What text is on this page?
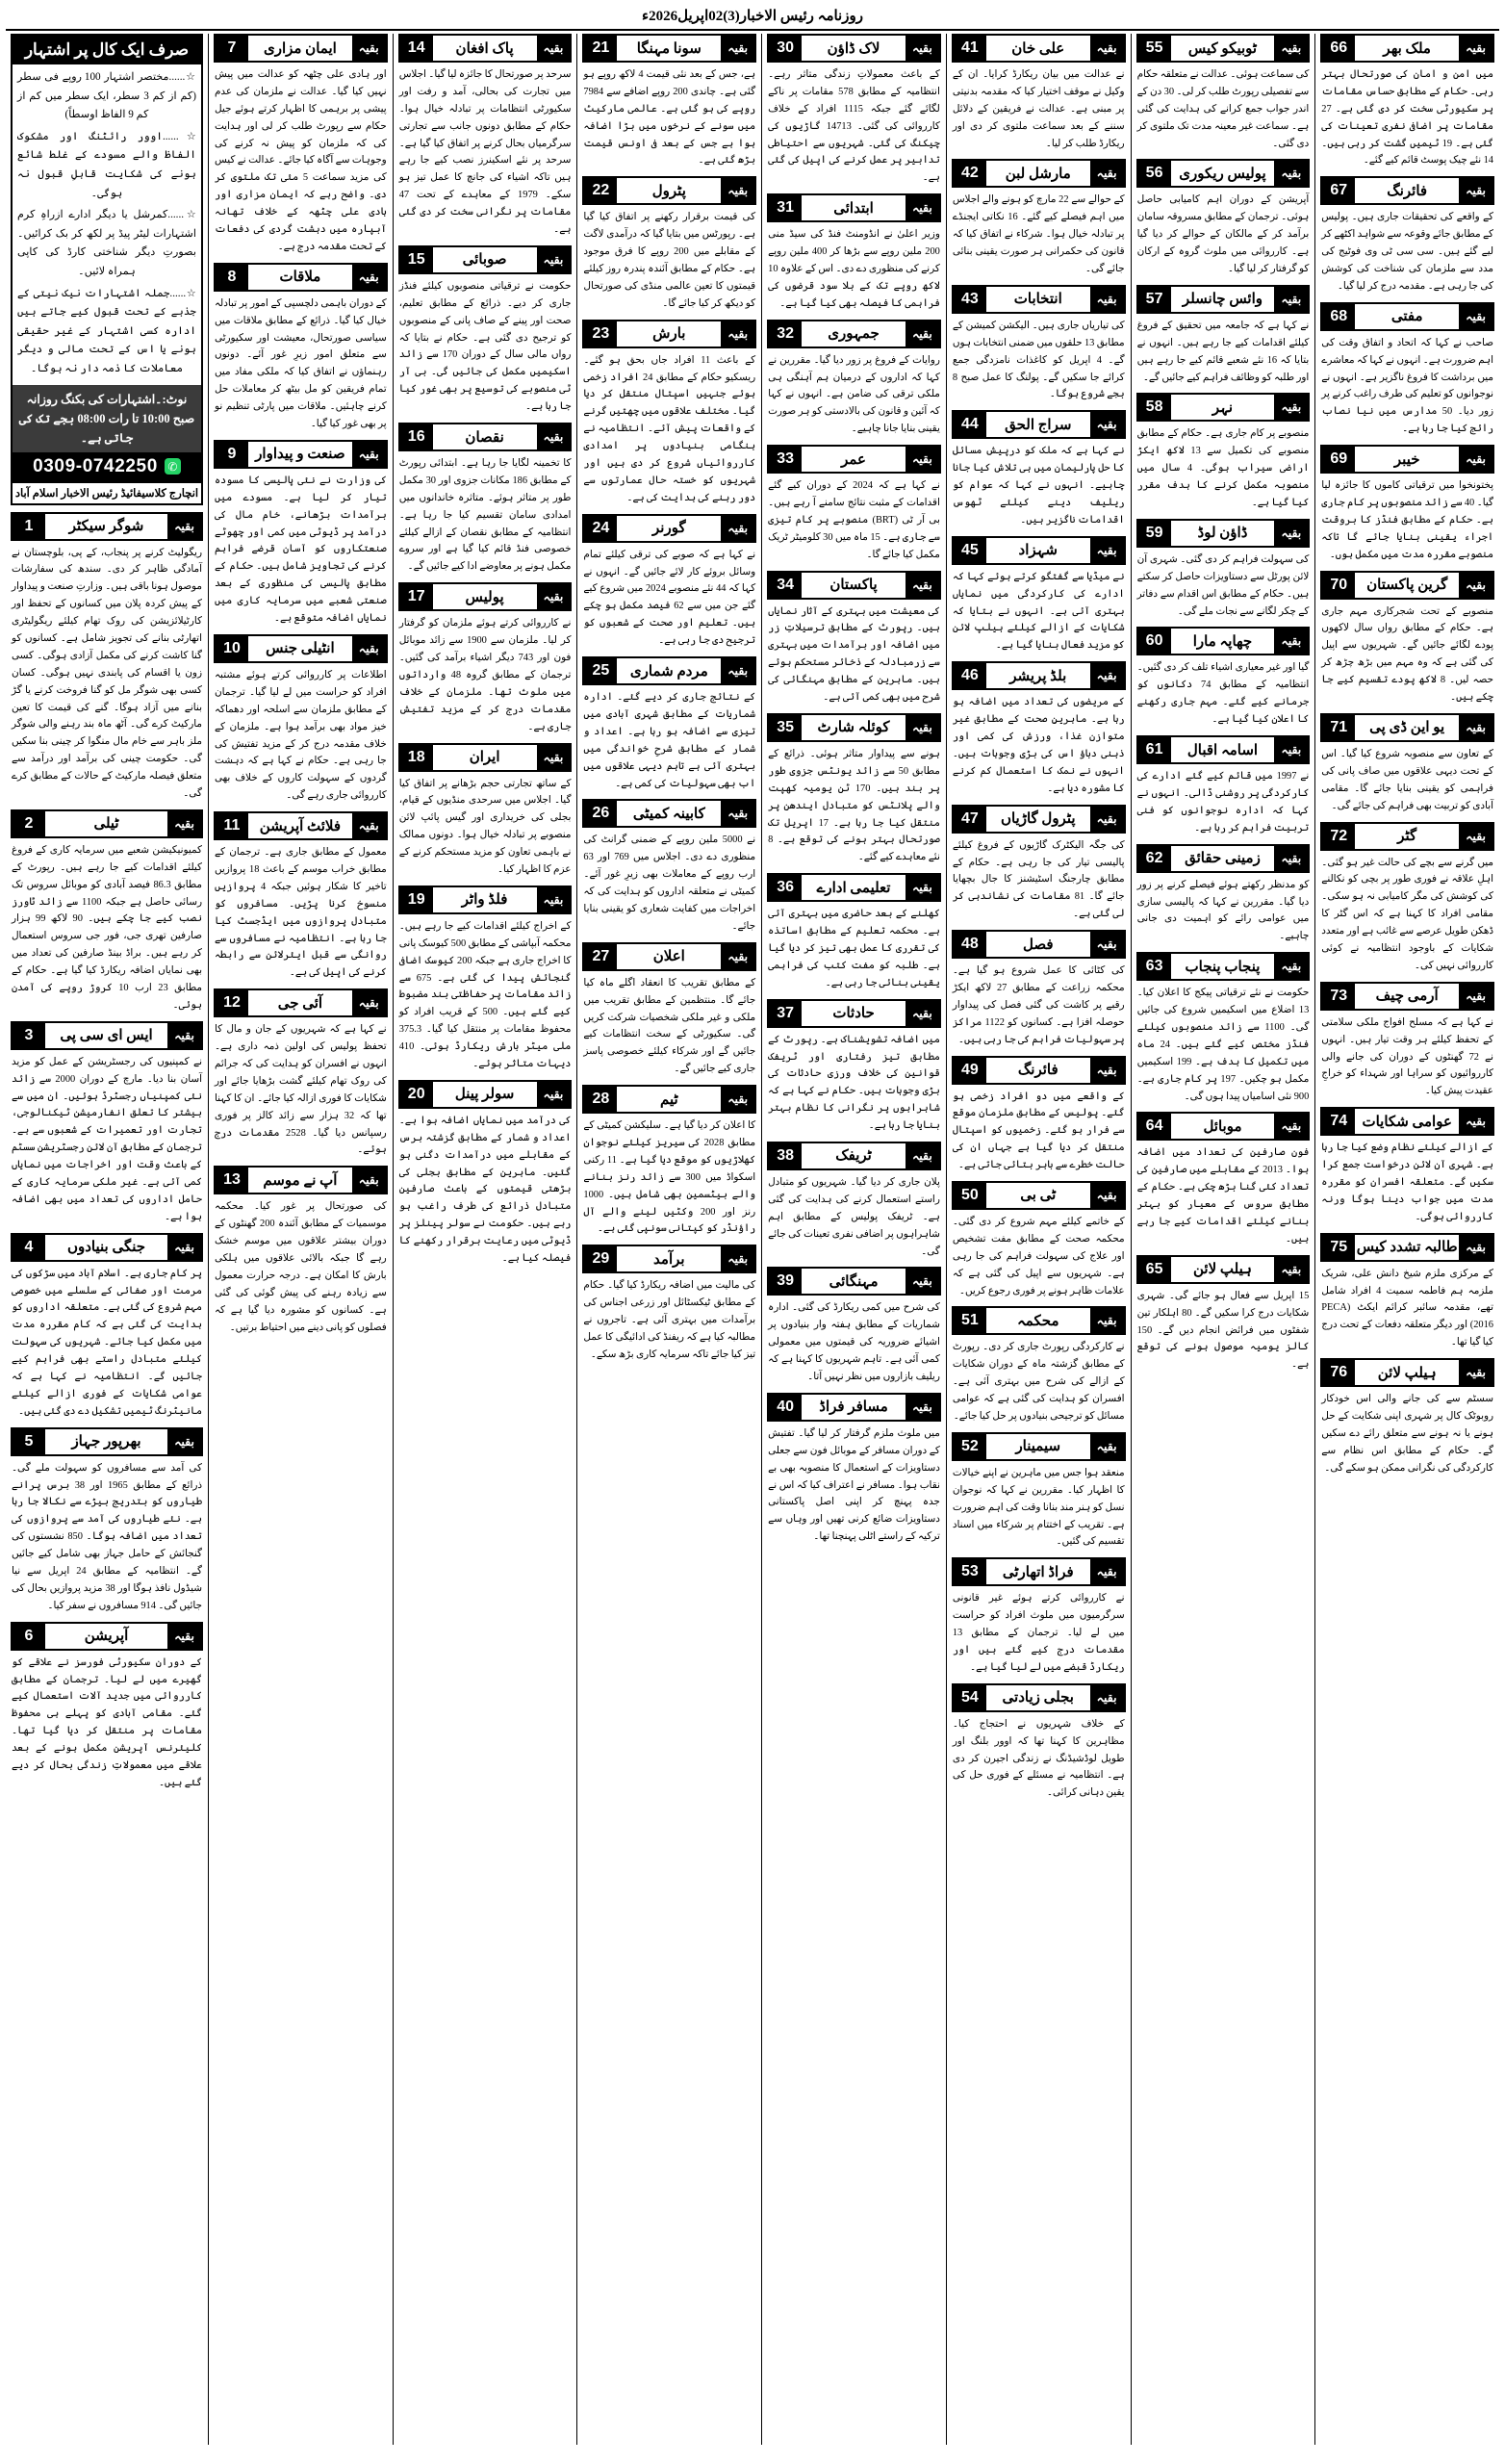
روزنامہ رئیس الاخبار(3)02اپریل2026ء
بقیہ
ملک بھر
66

میں امن و امان کی صورتحال بہتر رہی۔ حکام کے مطابق حساس مقامات پر سکیورٹی سخت کر دی گئی ہے۔ 27 مقامات پر اضافی نفری تعینات کی گئی ہے۔ 19 ٹیمیں گشت کر رہی ہیں۔ 14 نئے چیک پوسٹ قائم کیے گئے۔

بقیہ
فائرنگ
67

کے واقعے کی تحقیقات جاری ہیں۔ پولیس کے مطابق جائے وقوعہ سے شواہد اکٹھے کر لیے گئے ہیں۔ سی سی ٹی وی فوٹیج کی مدد سے ملزمان کی شناخت کی کوشش کی جا رہی ہے۔ مقدمہ درج کر لیا گیا۔

بقیہ
مفتی
68

صاحب نے کہا کہ اتحاد و اتفاق وقت کی اہم ضرورت ہے۔ انہوں نے کہا کہ معاشرے میں برداشت کا فروغ ناگزیر ہے۔ انہوں نے نوجوانوں کو تعلیم کی طرف راغب کرنے پر زور دیا۔ 50 مدارس میں نیا نصاب رائج کیا جا رہا ہے۔

بقیہ
خیبر
69

پختونخوا میں ترقیاتی کاموں کا جائزہ لیا گیا۔ 40 سے زائد منصوبوں پر کام جاری ہے۔ حکام کے مطابق فنڈز کا بروقت اجراء یقینی بنایا جائے گا تاکہ منصوبے مقررہ مدت میں مکمل ہوں۔

بقیہ
گرین پاکستان
70

منصوبے کے تحت شجرکاری مہم جاری ہے۔ حکام کے مطابق رواں سال لاکھوں پودے لگائے جائیں گے۔ شہریوں سے اپیل کی گئی ہے کہ وہ مہم میں بڑھ چڑھ کر حصہ لیں۔ 8 لاکھ پودے تقسیم کیے جا چکے ہیں۔

بقیہ
یو این ڈی پی
71

کے تعاون سے منصوبہ شروع کیا گیا۔ اس کے تحت دیہی علاقوں میں صاف پانی کی فراہمی کو یقینی بنایا جائے گا۔ مقامی آبادی کو تربیت بھی فراہم کی جائے گی۔

بقیہ
گٹر
72

میں گرنے سے بچے کی حالت غیر ہو گئی۔ اہلِ علاقہ نے فوری طور پر بچی کو نکالنے کی کوشش کی مگر کامیابی نہ ہو سکی۔ مقامی افراد کا کہنا ہے کہ اس گٹر کا ڈھکن طویل عرصے سے غائب ہے اور متعدد شکایات کے باوجود انتظامیہ نے کوئی کارروائی نہیں کی۔

بقیہ
آرمی چیف
73

نے کہا ہے کہ مسلح افواج ملکی سلامتی کے تحفظ کیلئے ہر وقت تیار ہیں۔ انہوں نے 72 گھنٹوں کے دوران کی جانے والی کارروائیوں کو سراہا اور شہداء کو خراجِ عقیدت پیش کیا۔

بقیہ
عوامی شکایات
74

کے ازالے کیلئے نظام وضع کیا جا رہا ہے۔ شہری آن لائن درخواست جمع کرا سکیں گے۔ متعلقہ افسران کو مقررہ مدت میں جواب دینا ہوگا ورنہ کارروائی ہوگی۔

بقیہ
طالبہ تشدد کیس
75

کے مرکزی ملزم شیخ دانش علی، شریک ملزمہ ہم فاطمہ سمیت 4 افراد شامل تھے، مقدمہ سائبر کرائم ایکٹ (PECA 2016) اور دیگر متعلقہ دفعات کے تحت درج کیا گیا تھا۔

بقیہ
ہیلپ لائن
76

سسٹم سے کی جانے والی اس خودکار روبوٹک کال پر شہری اپنی شکایت کے حل ہونے یا نہ ہونے سے متعلق رائے دے سکیں گے۔ حکام کے مطابق اس نظام سے کارکردگی کی نگرانی ممکن ہو سکے گی۔

بقیہ
ٹوبیکو کیس
55

کی سماعت ہوئی۔ عدالت نے متعلقہ حکام سے تفصیلی رپورٹ طلب کر لی۔ 30 دن کے اندر جواب جمع کرانے کی ہدایت کی گئی ہے۔ سماعت غیر معینہ مدت تک ملتوی کر دی گئی۔

بقیہ
پولیس ریکوری
56

آپریشن کے دوران اہم کامیابی حاصل ہوئی۔ ترجمان کے مطابق مسروقہ سامان برآمد کر کے مالکان کے حوالے کر دیا گیا ہے۔ کارروائی میں ملوث گروہ کے ارکان کو گرفتار کر لیا گیا۔

بقیہ
وائس چانسلر
57

نے کہا ہے کہ جامعہ میں تحقیق کے فروغ کیلئے اقدامات کیے جا رہے ہیں۔ انہوں نے بتایا کہ 16 نئے شعبے قائم کیے جا رہے ہیں اور طلبہ کو وظائف فراہم کیے جائیں گے۔

بقیہ
نہر
58

منصوبے پر کام جاری ہے۔ حکام کے مطابق منصوبے کی تکمیل سے 13 لاکھ ایکڑ اراضی سیراب ہوگی۔ 4 سال میں منصوبہ مکمل کرنے کا ہدف مقرر کیا گیا ہے۔

بقیہ
ڈاؤن لوڈ
59

کی سہولت فراہم کر دی گئی۔ شہری آن لائن پورٹل سے دستاویزات حاصل کر سکتے ہیں۔ حکام کے مطابق اس اقدام سے دفاتر کے چکر لگانے سے نجات ملے گی۔

بقیہ
چھاپہ مارا
60

گیا اور غیر معیاری اشیاء تلف کر دی گئیں۔ انتظامیہ کے مطابق 74 دکانوں کو جرمانے کیے گئے۔ مہم جاری رکھنے کا اعلان کیا گیا ہے۔

بقیہ
اسامہ اقبال
61

نے 1997 میں قائم کیے گئے ادارے کی کارکردگی پر روشنی ڈالی۔ انہوں نے کہا کہ ادارہ نوجوانوں کو فنی تربیت فراہم کر رہا ہے۔

بقیہ
زمینی حقائق
62

کو مدنظر رکھتے ہوئے فیصلے کرنے پر زور دیا گیا۔ مقررین نے کہا کہ پالیسی سازی میں عوامی رائے کو اہمیت دی جانی چاہیے۔

بقیہ
پنجاب پنجاب
63

حکومت نے نئے ترقیاتی پیکج کا اعلان کیا۔ 13 اضلاع میں اسکیمیں شروع کی جائیں گی۔ 1100 سے زائد منصوبوں کیلئے فنڈز مختص کیے گئے ہیں۔ 24 ماہ میں تکمیل کا ہدف ہے۔ 199 اسکیمیں مکمل ہو چکیں۔ 197 پر کام جاری ہے۔ 900 نئی اسامیاں پیدا ہوں گی۔

بقیہ
موبائل
64

فون صارفین کی تعداد میں اضافہ ہوا۔ 2013 کے مقابلے میں صارفین کی تعداد کئی گنا بڑھ چکی ہے۔ حکام کے مطابق سروس کے معیار کو بہتر بنانے کیلئے اقدامات کیے جا رہے ہیں۔

بقیہ
ہیلپ لائن
65

15 اپریل سے فعال ہو جائے گی۔ شہری شکایات درج کرا سکیں گے۔ 80 اہلکار تین شفٹوں میں فرائض انجام دیں گے۔ 150 کالز یومیہ موصول ہونے کی توقع ہے۔

بقیہ
علی خان
41

نے عدالت میں بیان ریکارڈ کرایا۔ ان کے وکیل نے موقف اختیار کیا کہ مقدمہ بدنیتی پر مبنی ہے۔ عدالت نے فریقین کے دلائل سننے کے بعد سماعت ملتوی کر دی اور ریکارڈ طلب کر لیا۔

بقیہ
مارشل لبن
42

کے حوالے سے 22 مارچ کو ہونے والے اجلاس میں اہم فیصلے کیے گئے۔ 16 نکاتی ایجنڈے پر تبادلہ خیال ہوا۔ شرکاء نے اتفاق کیا کہ قانون کی حکمرانی ہر صورت یقینی بنائی جائے گی۔

بقیہ
انتخابات
43

کی تیاریاں جاری ہیں۔ الیکشن کمیشن کے مطابق 13 حلقوں میں ضمنی انتخابات ہوں گے۔ 4 اپریل کو کاغذات نامزدگی جمع کرائے جا سکیں گے۔ پولنگ کا عمل صبح 8 بجے شروع ہوگا۔

بقیہ
سراج الحق
44

نے کہا ہے کہ ملک کو درپیش مسائل کا حل پارلیمان میں ہی تلاش کیا جانا چاہیے۔ انہوں نے کہا کہ عوام کو ریلیف دینے کیلئے ٹھوس اقدامات ناگزیر ہیں۔

بقیہ
شہزاد
45

نے میڈیا سے گفتگو کرتے ہوئے کہا کہ ادارے کی کارکردگی میں نمایاں بہتری آئی ہے۔ انہوں نے بتایا کہ شکایات کے ازالے کیلئے ہیلپ لائن کو مزید فعال بنایا گیا ہے۔

بقیہ
بلڈ پریشر
46

کے مریضوں کی تعداد میں اضافہ ہو رہا ہے۔ ماہرینِ صحت کے مطابق غیر متوازن غذا، ورزش کی کمی اور ذہنی دباؤ اس کی بڑی وجوہات ہیں۔ انہوں نے نمک کا استعمال کم کرنے کا مشورہ دیا ہے۔

بقیہ
پٹرول گاڑیاں
47

کی جگہ الیکٹرک گاڑیوں کے فروغ کیلئے پالیسی تیار کی جا رہی ہے۔ حکام کے مطابق چارجنگ اسٹیشنز کا جال بچھایا جائے گا۔ 81 مقامات کی نشاندہی کر لی گئی ہے۔

بقیہ
فصل
48

کی کٹائی کا عمل شروع ہو گیا ہے۔ محکمہ زراعت کے مطابق 27 لاکھ ایکڑ رقبے پر کاشت کی گئی فصل کی پیداوار حوصلہ افزا ہے۔ کسانوں کو 1122 مراکز پر سہولیات فراہم کی جا رہی ہیں۔

بقیہ
فائرنگ
49

کے واقعے میں دو افراد زخمی ہو گئے۔ پولیس کے مطابق ملزمان موقع سے فرار ہو گئے۔ زخمیوں کو اسپتال منتقل کر دیا گیا ہے جہاں ان کی حالت خطرے سے باہر بتائی جاتی ہے۔

بقیہ
ٹی بی
50

کے خاتمے کیلئے مہم شروع کر دی گئی۔ محکمہ صحت کے مطابق مفت تشخیص اور علاج کی سہولت فراہم کی جا رہی ہے۔ شہریوں سے اپیل کی گئی ہے کہ علامات ظاہر ہونے پر فوری رجوع کریں۔

بقیہ
محکمہ
51

نے کارکردگی رپورٹ جاری کر دی۔ رپورٹ کے مطابق گزشتہ ماہ کے دوران شکایات کے ازالے کی شرح میں بہتری آئی ہے۔ افسران کو ہدایت کی گئی ہے کہ عوامی مسائل کو ترجیحی بنیادوں پر حل کیا جائے۔

بقیہ
سیمینار
52

منعقد ہوا جس میں ماہرین نے اپنے خیالات کا اظہار کیا۔ مقررین نے کہا کہ نوجوان نسل کو ہنر مند بنانا وقت کی اہم ضرورت ہے۔ تقریب کے اختتام پر شرکاء میں اسناد تقسیم کی گئیں۔

بقیہ
فراڈ اتھارٹی
53

نے کارروائی کرتے ہوئے غیر قانونی سرگرمیوں میں ملوث افراد کو حراست میں لے لیا۔ ترجمان کے مطابق 13 مقدمات درج کیے گئے ہیں اور ریکارڈ قبضے میں لے لیا گیا ہے۔

بقیہ
بجلی زیادتی
54

کے خلاف شہریوں نے احتجاج کیا۔ مظاہرین کا کہنا تھا کہ اوور بلنگ اور طویل لوڈشیڈنگ نے زندگی اجیرن کر دی ہے۔ انتظامیہ نے مسئلے کے فوری حل کی یقین دہانی کرائی۔

بقیہ
لاک ڈاؤن
30

کے باعث معمولاتِ زندگی متاثر رہے۔ انتظامیہ کے مطابق 578 مقامات پر ناکے لگائے گئے جبکہ 1115 افراد کے خلاف کارروائی کی گئی۔ 14713 گاڑیوں کی چیکنگ کی گئی۔ شہریوں سے احتیاطی تدابیر پر عمل کرنے کی اپیل کی گئی ہے۔

بقیہ
ابتدائی
31

وزیر اعلیٰ نے انڈومنٹ فنڈ کی سیڈ منی 200 ملین روپے سے بڑھا کر 400 ملین روپے کرنے کی منظوری دے دی۔ اس کے علاوہ 10 لاکھ روپے تک کے بلا سود قرضوں کی فراہمی کا فیصلہ بھی کیا گیا ہے۔

بقیہ
جمہوری
32

روایات کے فروغ پر زور دیا گیا۔ مقررین نے کہا کہ اداروں کے درمیان ہم آہنگی ہی ملکی ترقی کی ضامن ہے۔ انہوں نے کہا کہ آئین و قانون کی بالادستی کو ہر صورت یقینی بنایا جانا چاہیے۔

بقیہ
عمر
33

نے کہا ہے کہ 2024 کے دوران کیے گئے اقدامات کے مثبت نتائج سامنے آ رہے ہیں۔ بی آر ٹی (BRT) منصوبے پر کام تیزی سے جاری ہے۔ 15 ماہ میں 30 کلومیٹر ٹریک مکمل کیا جائے گا۔

بقیہ
پاکستان
34

کی معیشت میں بہتری کے آثار نمایاں ہیں۔ رپورٹ کے مطابق ترسیلاتِ زر میں اضافہ اور برآمدات میں بہتری سے زرمبادلہ کے ذخائر مستحکم ہوئے ہیں۔ ماہرین کے مطابق مہنگائی کی شرح میں بھی کمی آئی ہے۔

بقیہ
کوئلہ شارٹ
35

ہونے سے پیداوار متاثر ہوئی۔ ذرائع کے مطابق 50 سے زائد یونٹس جزوی طور پر بند ہیں۔ 170 ٹن یومیہ کھپت والے پلانٹس کو متبادل ایندھن پر منتقل کیا جا رہا ہے۔ 17 اپریل تک صورتحال بہتر ہونے کی توقع ہے۔ 8 نئے معاہدے کیے گئے۔

بقیہ
تعلیمی ادارے
36

کھلنے کے بعد حاضری میں بہتری آئی ہے۔ محکمہ تعلیم کے مطابق اساتذہ کی تقرری کا عمل بھی تیز کر دیا گیا ہے۔ طلبہ کو مفت کتب کی فراہمی یقینی بنائی جا رہی ہے۔

بقیہ
حادثات
37

میں اضافہ تشویشناک ہے۔ رپورٹ کے مطابق تیز رفتاری اور ٹریفک قوانین کی خلاف ورزی حادثات کی بڑی وجوہات ہیں۔ حکام نے کہا ہے کہ شاہراہوں پر نگرانی کا نظام بہتر بنایا جا رہا ہے۔

بقیہ
ٹریفک
38

پلان جاری کر دیا گیا۔ شہریوں کو متبادل راستے استعمال کرنے کی ہدایت کی گئی ہے۔ ٹریفک پولیس کے مطابق اہم شاہراہوں پر اضافی نفری تعینات کی جائے گی۔

بقیہ
مہنگائی
39

کی شرح میں کمی ریکارڈ کی گئی۔ ادارہ شماریات کے مطابق ہفتہ وار بنیادوں پر اشیائے ضروریہ کی قیمتوں میں معمولی کمی آئی ہے۔ تاہم شہریوں کا کہنا ہے کہ ریلیف بازاروں میں نظر نہیں آتا۔

بقیہ
مسافر فراڈ
40

میں ملوث ملزم گرفتار کر لیا گیا۔ تفتیش کے دوران مسافر کے موبائل فون سے جعلی دستاویزات کے استعمال کا منصوبہ بھی بے نقاب ہوا۔ مسافر نے اعتراف کیا کہ اس نے جدہ پہنچ کر اپنی اصل پاکستانی دستاویزات ضائع کرنی تھیں اور وہاں سے ترکیہ کے راستے اٹلی پہنچنا تھا۔

بقیہ
سونا مہنگا
21

ہے، جس کے بعد نئی قیمت 4 لاکھ روپے ہو گئی ہے۔ چاندی 200 روپے اضافے سے 7984 روپے کی ہو گئی ہے۔ عالمی مارکیٹ میں سونے کے نرخوں میں بڑا اضافہ ہوا ہے جس کے بعد فی اونس قیمت بڑھ گئی ہے۔

بقیہ
پٹرول
22

کی قیمت برقرار رکھنے پر اتفاق کیا گیا ہے۔ رپورٹس میں بتایا گیا کہ درآمدی لاگت کے مقابلے میں 200 روپے کا فرق موجود ہے۔ حکام کے مطابق آئندہ پندرہ روز کیلئے قیمتوں کا تعین عالمی منڈی کی صورتحال کو دیکھ کر کیا جائے گا۔

بقیہ
بارش
23

کے باعث 11 افراد جاں بحق ہو گئے۔ ریسکیو حکام کے مطابق 24 افراد زخمی ہوئے جنہیں اسپتال منتقل کر دیا گیا۔ مختلف علاقوں میں چھتیں گرنے کے واقعات پیش آئے۔ انتظامیہ نے ہنگامی بنیادوں پر امدادی کارروائیاں شروع کر دی ہیں اور شہریوں کو خستہ حال عمارتوں سے دور رہنے کی ہدایت کی ہے۔

بقیہ
گورنر
24

نے کہا ہے کہ صوبے کی ترقی کیلئے تمام وسائل بروئے کار لائے جائیں گے۔ انہوں نے کہا کہ 44 نئے منصوبے 2024 میں شروع کیے گئے جن میں سے 62 فیصد مکمل ہو چکے ہیں۔ تعلیم اور صحت کے شعبوں کو ترجیح دی جا رہی ہے۔

بقیہ
مردم شماری
25

کے نتائج جاری کر دیے گئے۔ ادارہ شماریات کے مطابق شہری آبادی میں تیزی سے اضافہ ہو رہا ہے۔ اعداد و شمار کے مطابق شرحِ خواندگی میں بہتری آئی ہے تاہم دیہی علاقوں میں اب بھی سہولیات کی کمی ہے۔

بقیہ
کابینہ کمیٹی
26

نے 5000 ملین روپے کے ضمنی گرانٹ کی منظوری دے دی۔ اجلاس میں 769 اور 63 ارب روپے کے معاملات بھی زیرِ غور آئے۔ کمیٹی نے متعلقہ اداروں کو ہدایت کی کہ اخراجات میں کفایت شعاری کو یقینی بنایا جائے۔

بقیہ
اعلان
27

کے مطابق تقریب کا انعقاد اگلے ماہ کیا جائے گا۔ منتظمین کے مطابق تقریب میں ملکی و غیر ملکی شخصیات شرکت کریں گی۔ سکیورٹی کے سخت انتظامات کیے جائیں گے اور شرکاء کیلئے خصوصی پاسز جاری کیے جائیں گے۔

بقیہ
ٹیم
28

کا اعلان کر دیا گیا ہے۔ سلیکشن کمیٹی کے مطابق 2028 کی سیریز کیلئے نوجوان کھلاڑیوں کو موقع دیا گیا ہے۔ 11 رکنی اسکواڈ میں 300 سے زائد رنز بنانے والے بیٹسمین بھی شامل ہیں۔ 1000 رنز اور 200 وکٹیں لینے والے آل راؤنڈر کو کپتانی سونپی گئی ہے۔

بقیہ
برآمد
29

کی مالیت میں اضافہ ریکارڈ کیا گیا۔ حکام کے مطابق ٹیکسٹائل اور زرعی اجناس کی برآمدات میں بہتری آئی ہے۔ تاجروں نے مطالبہ کیا ہے کہ ریفنڈ کی ادائیگی کا عمل تیز کیا جائے تاکہ سرمایہ کاری بڑھ سکے۔

بقیہ
پاک افغان
14

سرحد پر صورتحال کا جائزہ لیا گیا۔ اجلاس میں تجارت کی بحالی، آمد و رفت اور سکیورٹی انتظامات پر تبادلہ خیال ہوا۔ حکام کے مطابق دونوں جانب سے تجارتی سرگرمیاں بحال کرنے پر اتفاق کیا گیا ہے۔ سرحد پر نئے اسکینرز نصب کیے جا رہے ہیں تاکہ اشیاء کی جانچ کا عمل تیز ہو سکے۔ 1979 کے معاہدے کے تحت 47 مقامات پر نگرانی سخت کر دی گئی ہے۔

بقیہ
صوبائی
15

حکومت نے ترقیاتی منصوبوں کیلئے فنڈز جاری کر دیے۔ ذرائع کے مطابق تعلیم، صحت اور پینے کے صاف پانی کے منصوبوں کو ترجیح دی گئی ہے۔ حکام نے بتایا کہ رواں مالی سال کے دوران 170 سے زائد اسکیمیں مکمل کی جائیں گی۔ بی آر ٹی منصوبے کی توسیع پر بھی غور کیا جا رہا ہے۔

بقیہ
نقصان
16

کا تخمینہ لگایا جا رہا ہے۔ ابتدائی رپورٹ کے مطابق 186 مکانات جزوی اور 30 مکمل طور پر متاثر ہوئے۔ متاثرہ خاندانوں میں امدادی سامان تقسیم کیا جا رہا ہے۔ انتظامیہ کے مطابق نقصان کے ازالے کیلئے خصوصی فنڈ قائم کیا گیا ہے اور سروے مکمل ہونے پر معاوضے ادا کیے جائیں گے۔

بقیہ
پولیس
17

نے کارروائی کرتے ہوئے ملزمان کو گرفتار کر لیا۔ ملزمان سے 1900 سے زائد موبائل فون اور 743 دیگر اشیاء برآمد کی گئیں۔ ترجمان کے مطابق گروہ 48 وارداتوں میں ملوث تھا۔ ملزمان کے خلاف مقدمات درج کر کے مزید تفتیش جاری ہے۔

بقیہ
ایران
18

کے ساتھ تجارتی حجم بڑھانے پر اتفاق کیا گیا۔ اجلاس میں سرحدی منڈیوں کے قیام، بجلی کی خریداری اور گیس پائپ لائن منصوبے پر تبادلہ خیال ہوا۔ دونوں ممالک نے باہمی تعاون کو مزید مستحکم کرنے کے عزم کا اظہار کیا۔

بقیہ
فلڈ واٹر
19

کے اخراج کیلئے اقدامات کیے جا رہے ہیں۔ محکمہ آبپاشی کے مطابق 500 کیوسک پانی کا اخراج جاری ہے جبکہ 200 کیوسک اضافی گنجائش پیدا کی گئی ہے۔ 675 سے زائد مقامات پر حفاظتی بند مضبوط کیے گئے ہیں۔ 500 کے قریب افراد کو محفوظ مقامات پر منتقل کیا گیا۔ 375.3 ملی میٹر بارش ریکارڈ ہوئی۔ 410 دیہات متاثر ہوئے۔

بقیہ
سولر پینل
20

کی درآمد میں نمایاں اضافہ ہوا ہے۔ اعداد و شمار کے مطابق گزشتہ برس کے مقابلے میں درآمدات دگنی ہو گئیں۔ ماہرین کے مطابق بجلی کی بڑھتی قیمتوں کے باعث صارفین متبادل ذرائع کی طرف راغب ہو رہے ہیں۔ حکومت نے سولر پینلز پر ڈیوٹی میں رعایت برقرار رکھنے کا فیصلہ کیا ہے۔

بقیہ
ایمان مزاری
7

اور ہادی علی چٹھہ کو عدالت میں پیش نہیں کیا گیا۔ عدالت نے ملزمان کی عدم پیشی پر برہمی کا اظہار کرتے ہوئے جیل حکام سے رپورٹ طلب کر لی اور ہدایت کی کہ ملزمان کو پیش نہ کرنے کی وجوہات سے آگاہ کیا جائے۔ عدالت نے کیس کی مزید سماعت 5 مئی تک ملتوی کر دی۔ واضح رہے کہ ایمان مزاری اور ہادی علی چٹھہ کے خلاف تھانہ آبپارہ میں دہشت گردی کی دفعات کے تحت مقدمہ درج ہے۔

بقیہ
ملاقات
8

کے دوران باہمی دلچسپی کے امور پر تبادلہ خیال کیا گیا۔ ذرائع کے مطابق ملاقات میں سیاسی صورتحال، معیشت اور سکیورٹی سے متعلق امور زیرِ غور آئے۔ دونوں رہنماؤں نے اتفاق کیا کہ ملکی مفاد میں تمام فریقین کو مل بیٹھ کر معاملات حل کرنے چاہئیں۔ ملاقات میں پارٹی تنظیم نو پر بھی غور کیا گیا۔

بقیہ
صنعت و پیداوار
9

کی وزارت نے نئی پالیسی کا مسودہ تیار کر لیا ہے۔ مسودے میں برآمدات بڑھانے، خام مال کی درآمد پر ڈیوٹی میں کمی اور چھوٹے صنعتکاروں کو آسان قرضے فراہم کرنے کی تجاویز شامل ہیں۔ حکام کے مطابق پالیسی کی منظوری کے بعد صنعتی شعبے میں سرمایہ کاری میں نمایاں اضافہ متوقع ہے۔

بقیہ
انٹیلی جنس
10

اطلاعات پر کارروائی کرتے ہوئے مشتبہ افراد کو حراست میں لے لیا گیا۔ ترجمان کے مطابق ملزمان سے اسلحہ اور دھماکہ خیز مواد بھی برآمد ہوا ہے۔ ملزمان کے خلاف مقدمہ درج کر کے مزید تفتیش کی جا رہی ہے۔ حکام نے کہا ہے کہ دہشت گردوں کے سہولت کاروں کے خلاف بھی کارروائی جاری رہے گی۔

بقیہ
فلائٹ آپریشن
11

معمول کے مطابق جاری ہے۔ ترجمان کے مطابق خراب موسم کے باعث 18 پروازیں تاخیر کا شکار ہوئیں جبکہ 4 پروازیں منسوخ کرنا پڑیں۔ مسافروں کو متبادل پروازوں میں ایڈجسٹ کیا جا رہا ہے۔ انتظامیہ نے مسافروں سے روانگی سے قبل ایئرلائن سے رابطہ کرنے کی اپیل کی ہے۔

بقیہ
آئی جی
12

نے کہا ہے کہ شہریوں کے جان و مال کا تحفظ پولیس کی اولین ذمہ داری ہے۔ انہوں نے افسران کو ہدایت کی کہ جرائم کی روک تھام کیلئے گشت بڑھایا جائے اور شکایات کا فوری ازالہ کیا جائے۔ ان کا کہنا تھا کہ 32 ہزار سے زائد کالز پر فوری رسپانس دیا گیا۔ 2528 مقدمات درج ہوئے۔

بقیہ
آپ نے موسم
13

کی صورتحال پر غور کیا۔ محکمہ موسمیات کے مطابق آئندہ 200 گھنٹوں کے دوران بیشتر علاقوں میں موسم خشک رہے گا جبکہ بالائی علاقوں میں ہلکی بارش کا امکان ہے۔ درجہ حرارت معمول سے زیادہ رہنے کی پیش گوئی کی گئی ہے۔ کسانوں کو مشورہ دیا گیا ہے کہ فصلوں کو پانی دینے میں احتیاط برتیں۔

صرف ایک کال پر اشتہار

☆......مختصر اشتہار 100 روپے فی سطر (کم از کم 3 سطر، ایک سطر میں کم از کم 9 الفاظ اوسطاً)

☆......اوور رائٹنگ اور مشکوک الفاظ والے مسودے کے غلط شائع ہونے کی شکایت قابلِ قبول نہ ہوگی۔

☆......کمرشل یا دیگر ادارے ازراہِ کرم اشتہارات لیٹر پیڈ پر لکھ کر بک کرائیں۔ بصورتِ دیگر شناختی کارڈ کی کاپی ہمراہ لائیں۔

☆......جملہ اشتہارات نیک نیتی کے جذبے کے تحت قبول کیے جاتے ہیں ادارہ کسی اشتہار کے غیر حقیقی ہونے یا اس کے تحت مالی و دیگر معاملات کا ذمہ دار نہ ہوگا۔

نوٹ:۔اشتہارات کی بکنگ روزانہ صبح 10:00 تا رات 08:00 بجے تک کی جاتی ہے۔
✆
0309-0742250
انچارج کلاسیفائیڈ رئیس الاخبار اسلام آباد
بقیہ
شوگر سیکٹر
1

ریگولیٹ کرنے پر پنجاب، کے پی، بلوچستان نے آمادگی ظاہر کر دی۔ سندھ کی سفارشات موصول ہونا باقی ہیں۔ وزارتِ صنعت و پیداوار کے پیش کردہ پلان میں کسانوں کے تحفظ اور کارٹیلائزیشن کی روک تھام کیلئے ریگولیٹری اتھارٹی بنانے کی تجویز شامل ہے۔ کسانوں کو گنا کاشت کرنے کی مکمل آزادی ہوگی۔ کسی زون یا اقسام کی پابندی نہیں ہوگی۔ کسان کسی بھی شوگر مل کو گنا فروخت کرنے یا گڑ بنانے میں آزاد ہوگا۔ گنے کی قیمت کا تعین مارکیٹ کرے گی۔ آٹھ ماہ بند رہنے والی شوگر ملز باہر سے خام مال منگوا کر چینی بنا سکیں گی۔ حکومت چینی کی برآمد اور درآمد سے متعلق فیصلہ مارکیٹ کے حالات کے مطابق کرے گی۔

بقیہ
ٹیلی
2

کمیونیکیشن شعبے میں سرمایہ کاری کے فروغ کیلئے اقدامات کیے جا رہے ہیں۔ رپورٹ کے مطابق 86.3 فیصد آبادی کو موبائل سروس تک رسائی حاصل ہے جبکہ 1100 سے زائد ٹاورز نصب کیے جا چکے ہیں۔ 90 لاکھ 99 ہزار صارفین تھری جی، فور جی سروس استعمال کر رہے ہیں۔ براڈ بینڈ صارفین کی تعداد میں بھی نمایاں اضافہ ریکارڈ کیا گیا ہے۔ حکام کے مطابق 23 ارب 10 کروڑ روپے کی آمدن ہوئی۔

بقیہ
ایس ای سی پی
3

نے کمپنیوں کی رجسٹریشن کے عمل کو مزید آسان بنا دیا۔ مارچ کے دوران 2000 سے زائد نئی کمپنیاں رجسٹرڈ ہوئیں۔ ان میں سے بیشتر کا تعلق انفارمیشن ٹیکنالوجی، تجارت اور تعمیرات کے شعبوں سے ہے۔ ترجمان کے مطابق آن لائن رجسٹریشن سسٹم کے باعث وقت اور اخراجات میں نمایاں کمی آئی ہے۔ غیر ملکی سرمایہ کاری کے حامل اداروں کی تعداد میں بھی اضافہ ہوا ہے۔

بقیہ
جنگی بنیادوں
4

پر کام جاری ہے۔ اسلام آباد میں سڑکوں کی مرمت اور صفائی کے سلسلے میں خصوصی مہم شروع کی گئی ہے۔ متعلقہ اداروں کو ہدایت کی گئی ہے کہ کام مقررہ مدت میں مکمل کیا جائے۔ شہریوں کی سہولت کیلئے متبادل راستے بھی فراہم کیے جائیں گے۔ انتظامیہ نے کہا ہے کہ عوامی شکایات کے فوری ازالے کیلئے مانیٹرنگ ٹیمیں تشکیل دے دی گئی ہیں۔

بقیہ
بھرپور جہاز
5

کی آمد سے مسافروں کو سہولت ملے گی۔ ذرائع کے مطابق 1965 اور 38 برس پرانے طیاروں کو بتدریج بیڑے سے نکالا جا رہا ہے۔ نئے طیاروں کی آمد سے پروازوں کی تعداد میں اضافہ ہوگا۔ 850 نشستوں کی گنجائش کے حامل جہاز بھی شامل کیے جائیں گے۔ انتظامیہ کے مطابق 24 اپریل سے نیا شیڈول نافذ ہوگا اور 38 مزید پروازیں بحال کی جائیں گی۔ 914 مسافروں نے سفر کیا۔

بقیہ
آپریشن
6

کے دوران سکیورٹی فورسز نے علاقے کو گھیرے میں لے لیا۔ ترجمان کے مطابق کارروائی میں جدید آلات استعمال کیے گئے۔ مقامی آبادی کو پہلے ہی محفوظ مقامات پر منتقل کر دیا گیا تھا۔ کلیئرنس آپریشن مکمل ہونے کے بعد علاقے میں معمولاتِ زندگی بحال کر دیے گئے ہیں۔
